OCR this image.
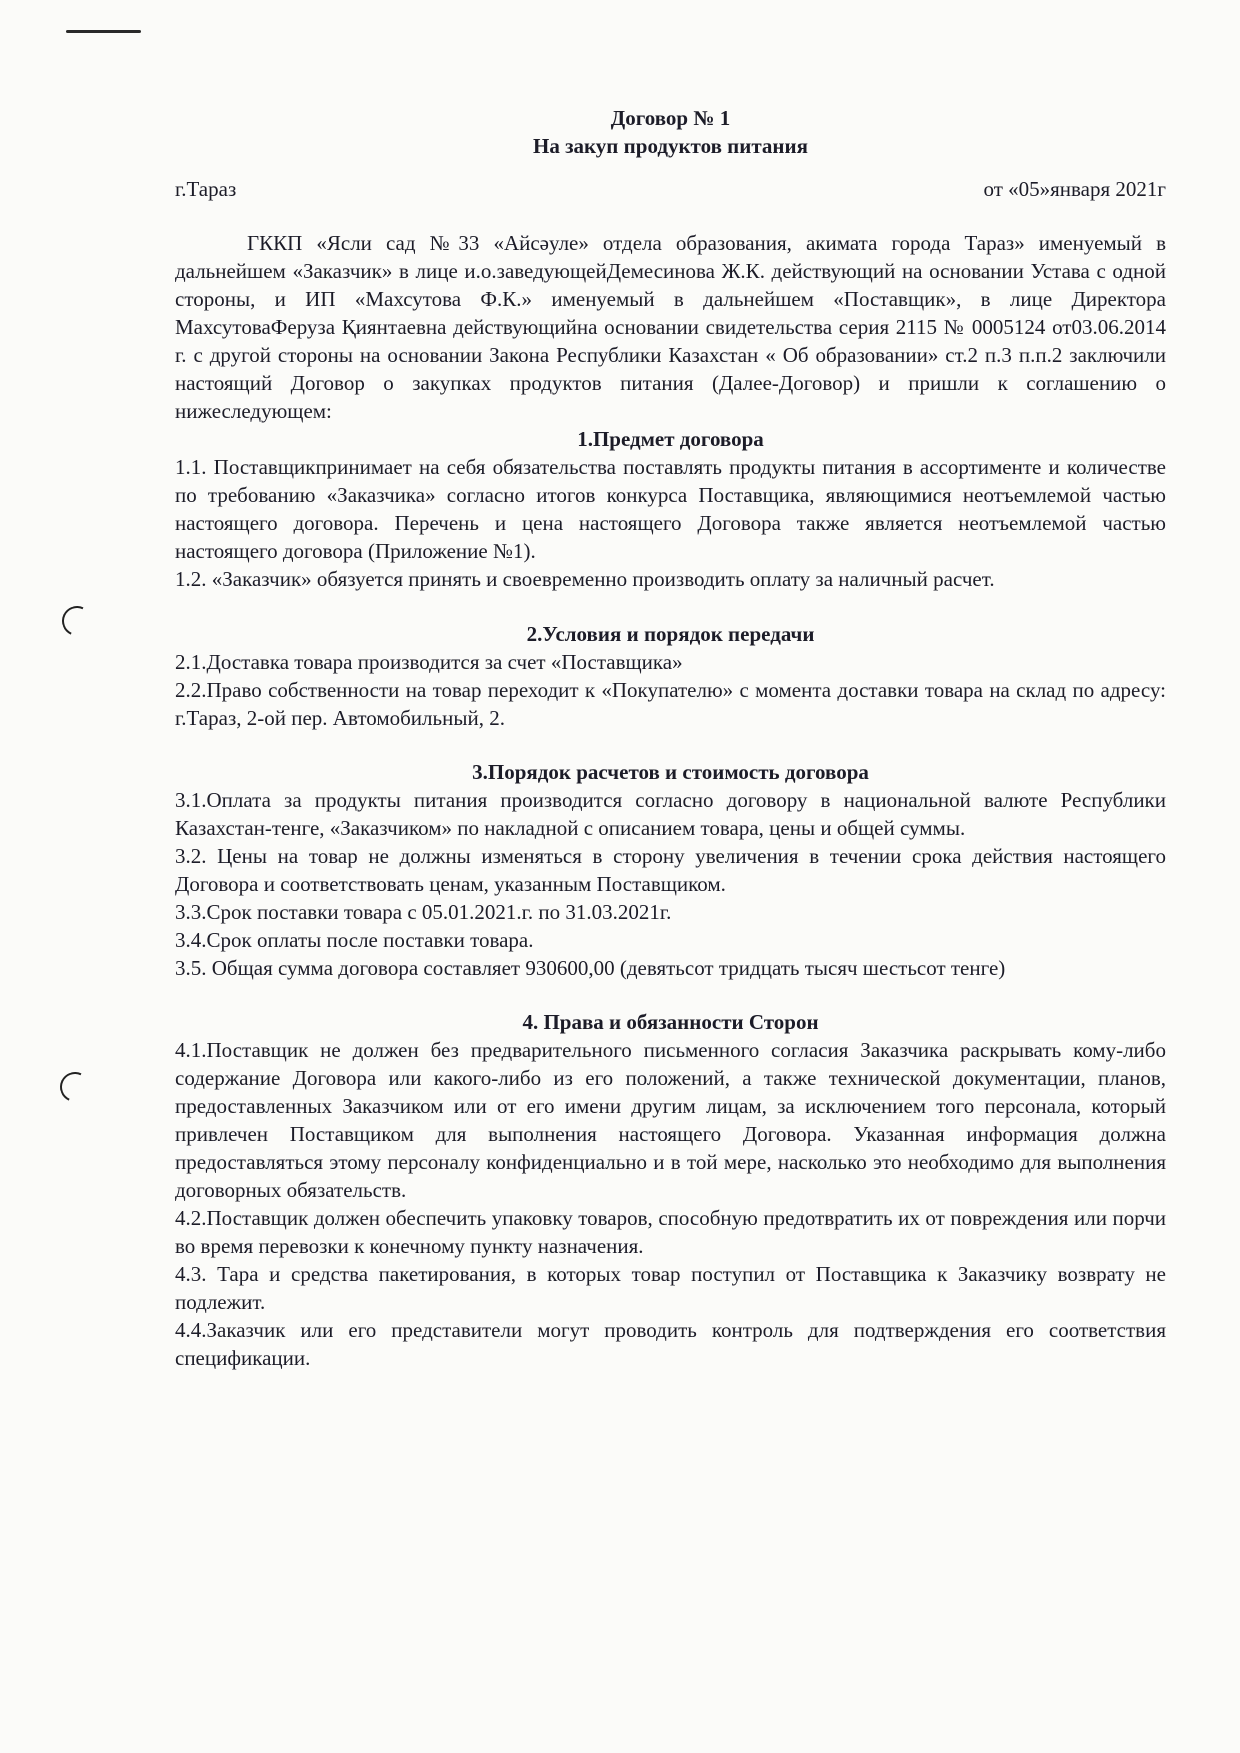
Договор № 1
На закуп продуктов питания
г.Тараз	от «05»января 2021г

ГККП «Ясли сад №33 «Айсәуле» отдела образования, акимата города Тараз» именуемый в дальнейшем «Заказчик» в лице и.о.заведующейДемесинова Ж.К. действующий на основании Устава с одной стороны, и ИП «Махсутова Ф.К.» именуемый в дальнейшем «Поставщик», в лице Директора МахсутоваФеруза Қиянтаевна действующийна основании свидетельства серия 2115 № 0005124 от03.06.2014 г. с другой стороны на основании Закона Республики Казахстан « Об образовании» ст.2 п.3 п.п.2 заключили настоящий Договор о закупках продуктов питания (Далее-Договор) и пришли к соглашению о нижеследующем:

1.Предмет договора

1.1. Поставщикпринимает на себя обязательства поставлять продукты питания в ассортименте и количестве по требованию «Заказчика» согласно итогов конкурса Поставщика, являющимися неотъемлемой частью настоящего договора. Перечень и цена настоящего Договора также является неотъемлемой частью настоящего договора (Приложение №1).

1.2. «Заказчик» обязуется принять и своевременно производить оплату за наличный расчет.

2.Условия и порядок передачи

2.1.Доставка товара производится за счет «Поставщика»

2.2.Право собственности на товар переходит к «Покупателю» с момента доставки товара на склад по адресу: г.Тараз, 2-ой пер. Автомобильный, 2.

3.Порядок расчетов и стоимость договора

3.1.Оплата за продукты питания производится согласно договору в национальной валюте Республики Казахстан-тенге, «Заказчиком» по накладной с описанием товара, цены и общей суммы.

3.2. Цены на товар не должны изменяться в сторону увеличения в течении срока действия настоящего Договора и соответствовать ценам, указанным Поставщиком.

3.3.Срок поставки товара с 05.01.2021.г. по 31.03.2021г.

3.4.Срок оплаты после поставки товара.

3.5. Общая сумма договора составляет 930600,00 (девятьсот тридцать тысяч шестьсот тенге)

4. Права и обязанности Сторон

4.1.Поставщик не должен без предварительного письменного согласия Заказчика раскрывать кому-либо содержание Договора или какого-либо из его положений, а также технической документации, планов, предоставленных Заказчиком или от его имени другим лицам, за исключением того персонала, который привлечен Поставщиком для выполнения настоящего Договора. Указанная информация должна предоставляться этому персоналу конфиденциально и в той мере, насколько это необходимо для выполнения договорных обязательств.

4.2.Поставщик должен обеспечить упаковку товаров, способную предотвратить их от повреждения или порчи во время перевозки к конечному пункту назначения.

4.3. Тара и средства пакетирования, в которых товар поступил от Поставщика к Заказчику возврату не подлежит.

4.4.Заказчик или его представители могут проводить контроль для подтверждения его соответствия спецификации.
